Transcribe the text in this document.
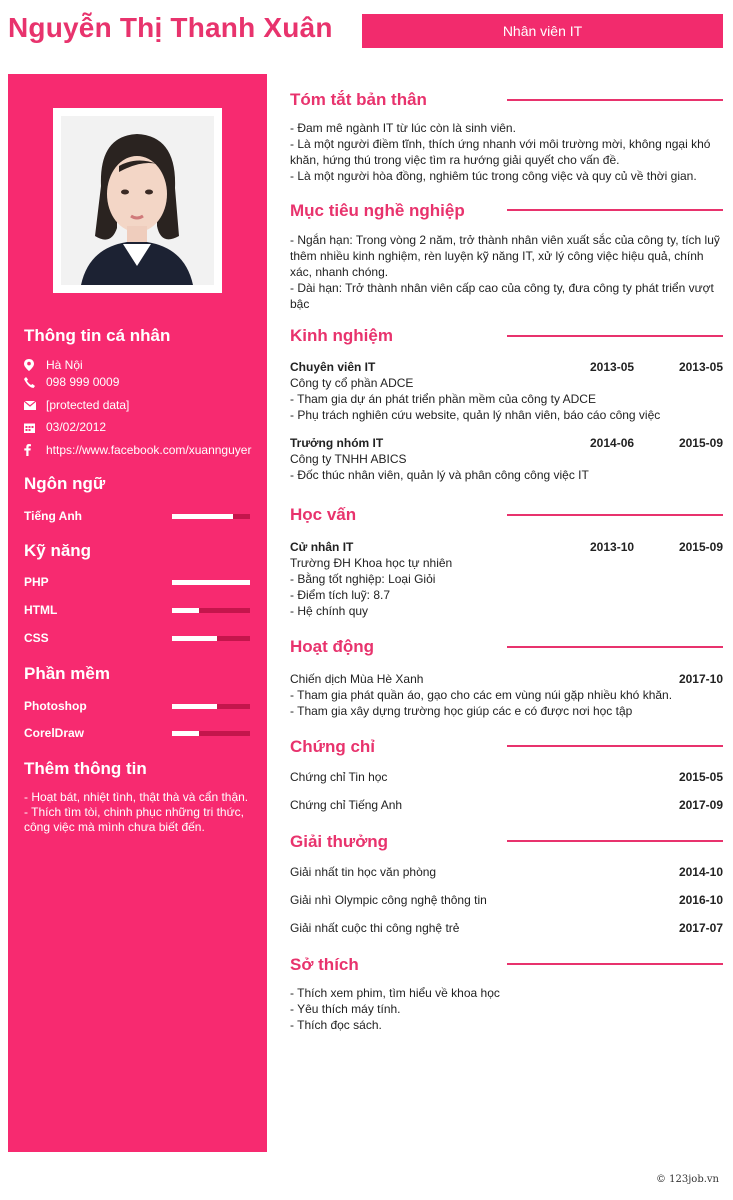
Nguyễn Thị Thanh Xuân	Nhân viên IT
Thông tin cá nhân
Hà Nội
098 999 0009
[protected data]
03/02/2012
https://www.facebook.com/xuannguyer
Ngôn ngữ
Tiếng Anh
Kỹ năng
PHP
HTML
CSS
Phần mềm
Photoshop
CorelDraw
Thêm thông tin
- Hoạt bát, nhiệt tình, thật thà và cẩn thận.
- Thích tìm tòi, chinh phục những tri thức, công việc mà mình chưa biết đến.
Tóm tắt bản thân
- Đam mê ngành IT từ lúc còn là sinh viên.
- Là một người điềm tĩnh, thích ứng nhanh với môi trường mời, không ngại khó khăn, hứng thú trong việc tìm ra hướng giải quyết cho vấn đề.
- Là một người hòa đồng, nghiêm túc trong công việc và quy củ về thời gian.
Mục tiêu nghề nghiệp
- Ngắn hạn: Trong vòng 2 năm, trở thành nhân viên xuất sắc của công ty, tích luỹ thêm nhiều kinh nghiệm, rèn luyện kỹ năng IT, xử lý công việc hiệu quả, chính xác, nhanh chóng.
- Dài hạn: Trở thành nhân viên cấp cao của công ty, đưa công ty phát triển vượt bậc
Kinh nghiệm
Chuyên viên IT	2013-05	2013-05
Công ty cổ phần ADCE
- Tham gia dự án phát triển phần mềm của công ty ADCE
- Phụ trách nghiên cứu website, quản lý nhân viên, báo cáo công việc
Trưởng nhóm IT	2014-06	2015-09
Công ty TNHH ABICS
- Đốc thúc nhân viên, quản lý và phân công công việc IT
Học vấn
Cử nhân IT	2013-10	2015-09
Trường ĐH Khoa học tự nhiên
- Bằng tốt nghiệp: Loại Giỏi
- Điểm tích luỹ: 8.7
- Hệ chính quy
Hoạt động
Chiến dịch Mùa Hè Xanh	2017-10
- Tham gia phát quần áo, gạo cho các em vùng núi gặp nhiều khó khăn.
- Tham gia xây dựng trường học giúp các e có được nơi học tập
Chứng chỉ
Chứng chỉ Tin học	2015-05
Chứng chỉ Tiếng Anh	2017-09
Giải thưởng
Giải nhất tin học văn phòng	2014-10
Giải nhì Olympic công nghệ thông tin	2016-10
Giải nhất cuộc thi công nghệ trẻ	2017-07
Sở thích
- Thích xem phim, tìm hiểu về khoa học
- Yêu thích máy tính.
- Thích đọc sách.
© 123job.vn
